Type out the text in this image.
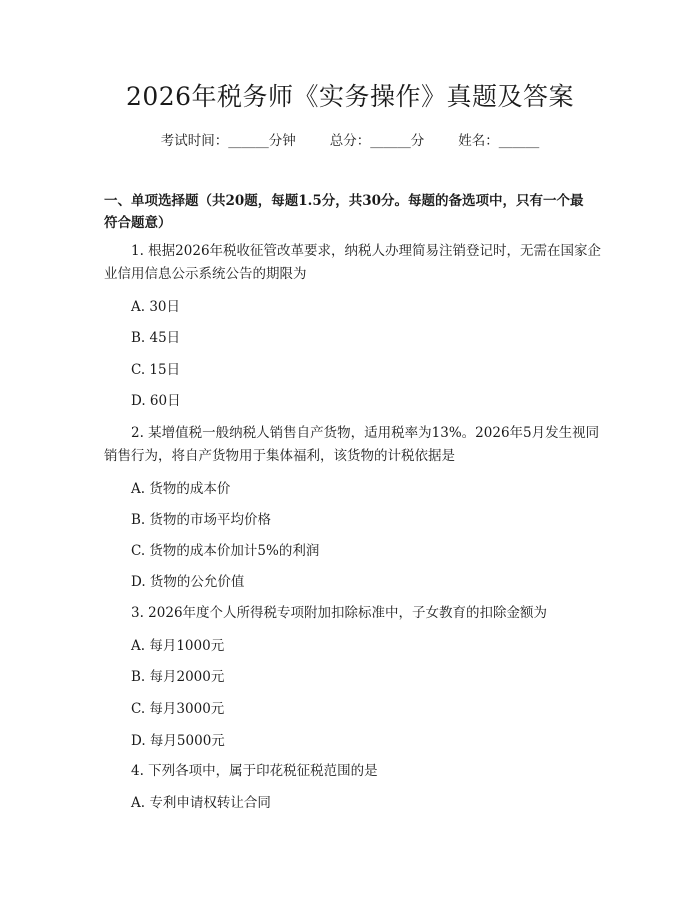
2026年税务师《实务操作》真题及答案
考试时间：______分钟	总分：______分	姓名：______
一、单项选择题（共20题，每题1.5分，共30分。每题的备选项中，只有一个最符合题意）
1. 根据2026年税收征管改革要求，纳税人办理简易注销登记时，无需在国家企业信用信息公示系统公告的期限为
A. 30日
B. 45日
C. 15日
D. 60日
2. 某增值税一般纳税人销售自产货物，适用税率为13%。2026年5月发生视同销售行为，将自产货物用于集体福利，该货物的计税依据是
A. 货物的成本价
B. 货物的市场平均价格
C. 货物的成本价加计5%的利润
D. 货物的公允价值
3. 2026年度个人所得税专项附加扣除标准中，子女教育的扣除金额为
A. 每月1000元
B. 每月2000元
C. 每月3000元
D. 每月5000元
4. 下列各项中，属于印花税征税范围的是
A. 专利申请权转让合同
